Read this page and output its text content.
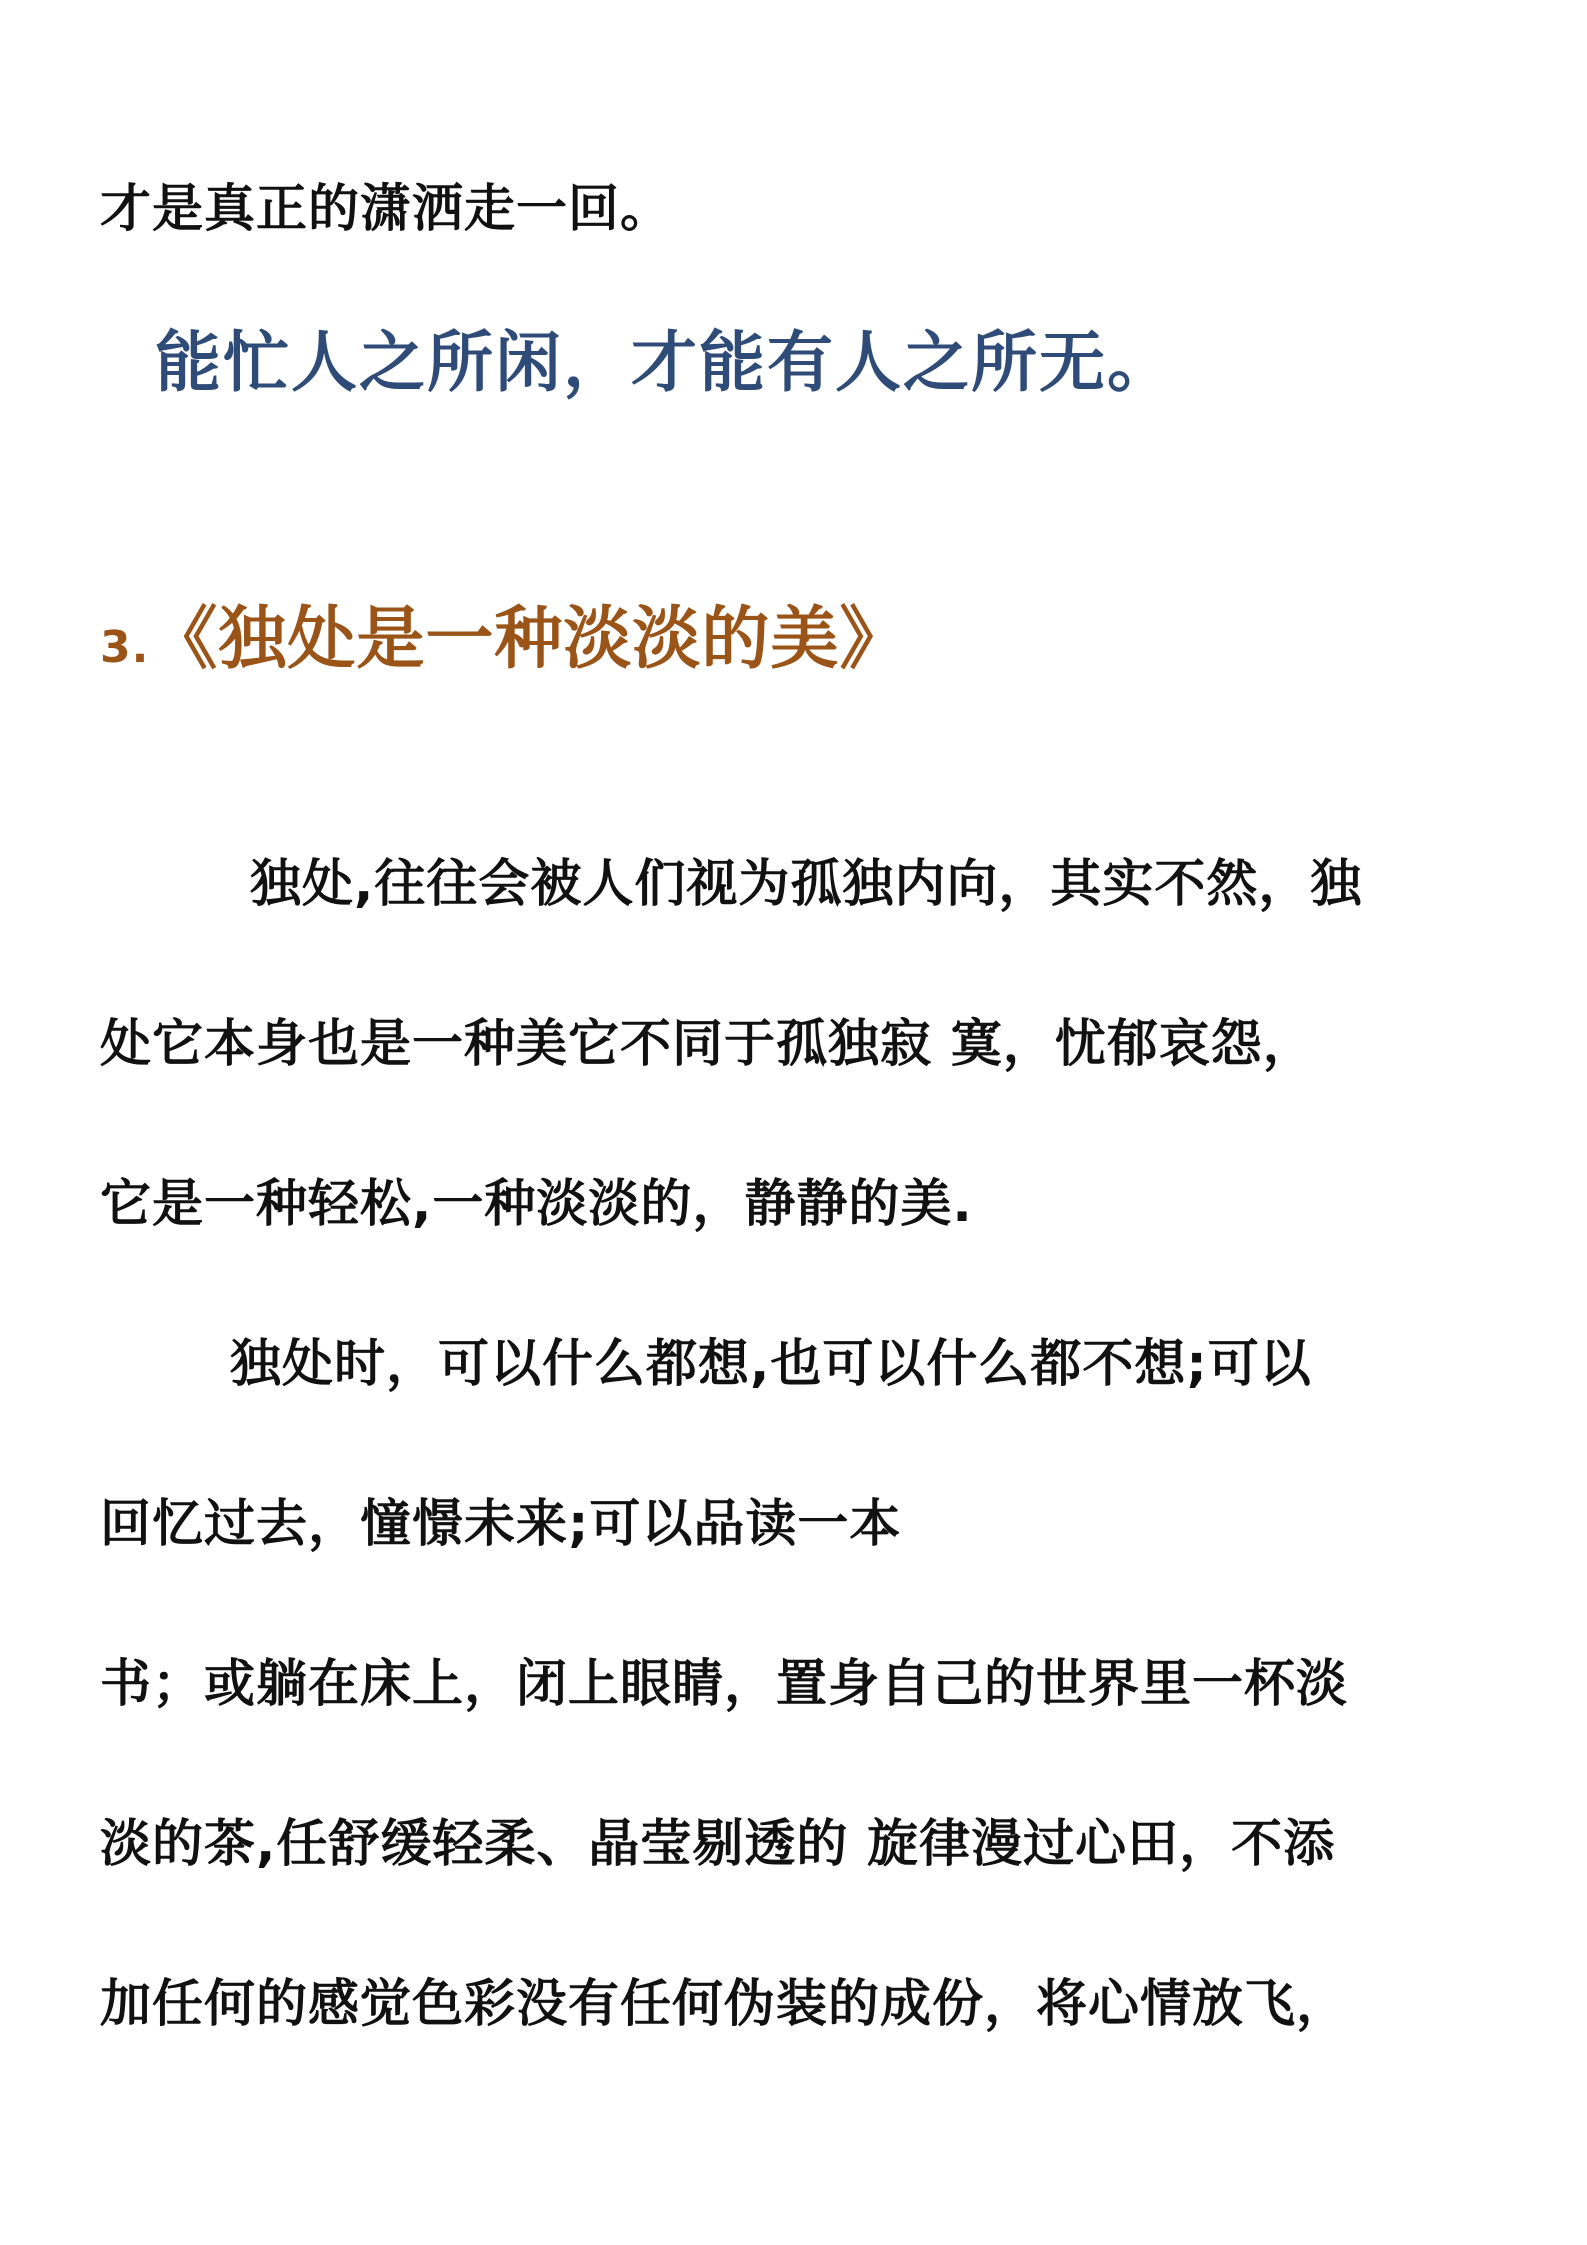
才是真正的潇洒走一回。
能忙人之所闲，才能有人之所无。
3.《独处是一种淡淡的美》
独处,往往会被人们视为孤独内向，其实不然，独
处它本身也是一种美它不同于孤独寂 寞，忧郁哀怨，
它是一种轻松,一种淡淡的，静静的美.
独处时，可以什么都想,也可以什么都不想;可以
回忆过去，憧憬未来;可以品读一本
书；或躺在床上，闭上眼睛，置身自己的世界里一杯淡
淡的茶,任舒缓轻柔、晶莹剔透的 旋律漫过心田，不添
加任何的感觉色彩没有任何伪装的成份，将心情放飞，
